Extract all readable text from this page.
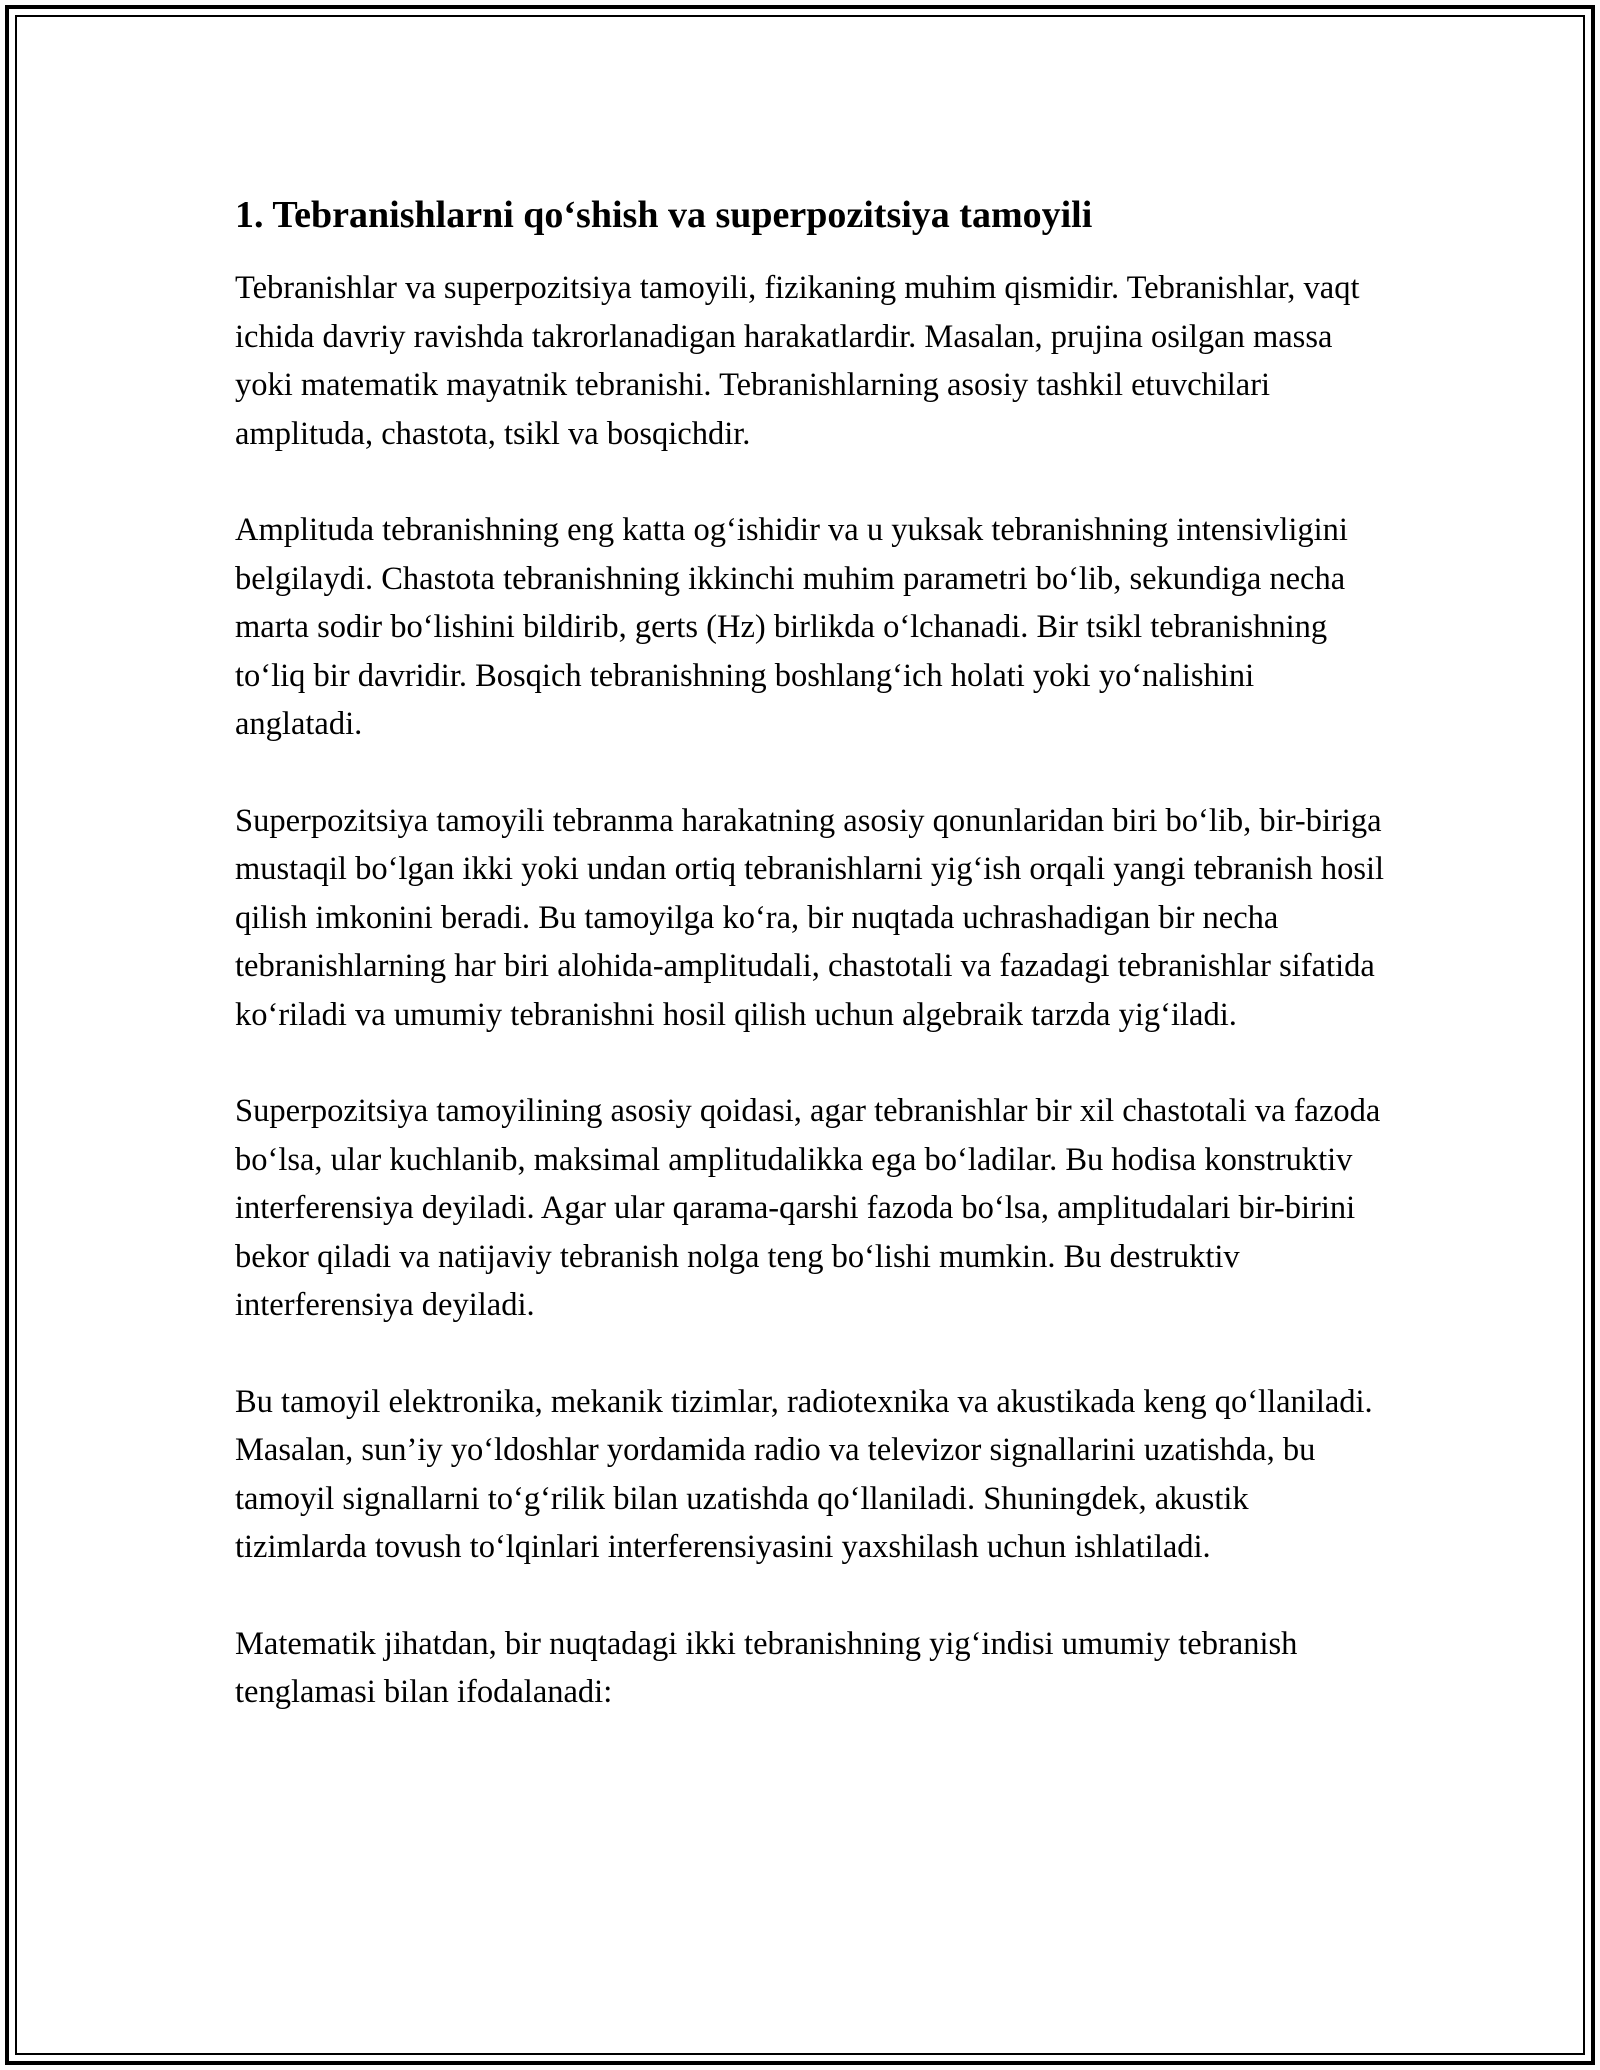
1. Tebranishlarni qo‘shish va superpozitsiya tamoyili

Tebranishlar va superpozitsiya tamoyili, fizikaning muhim qismidir. Tebranishlar, vaqt ichida davriy ravishda takrorlanadigan harakatlardir. Masalan, prujina osilgan massa yoki matematik mayatnik tebranishi. Tebranishlarning asosiy tashkil etuvchilari amplituda, chastota, tsikl va bosqichdir.

Amplituda tebranishning eng katta og‘ishidir va u yuksak tebranishning intensivligini belgilaydi. Chastota tebranishning ikkinchi muhim parametri bo‘lib, sekundiga necha marta sodir bo‘lishini bildirib, gerts (Hz) birlikda o‘lchanadi. Bir tsikl tebranishning to‘liq bir davridir. Bosqich tebranishning boshlang‘ich holati yoki yo‘nalishini anglatadi.

Superpozitsiya tamoyili tebranma harakatning asosiy qonunlaridan biri bo‘lib, bir-biriga mustaqil bo‘lgan ikki yoki undan ortiq tebranishlarni yig‘ish orqali yangi tebranish hosil qilish imkonini beradi. Bu tamoyilga ko‘ra, bir nuqtada uchrashadigan bir necha tebranishlarning har biri alohida-amplitudali, chastotali va fazadagi tebranishlar sifatida ko‘riladi va umumiy tebranishni hosil qilish uchun algebraik tarzda yig‘iladi.

Superpozitsiya tamoyilining asosiy qoidasi, agar tebranishlar bir xil chastotali va fazoda bo‘lsa, ular kuchlanib, maksimal amplitudalikka ega bo‘ladilar. Bu hodisa konstruktiv interferensiya deyiladi. Agar ular qarama-qarshi fazoda bo‘lsa, amplitudalari bir-birini bekor qiladi va natijaviy tebranish nolga teng bo‘lishi mumkin. Bu destruktiv interferensiya deyiladi.

Bu tamoyil elektronika, mekanik tizimlar, radiotexnika va akustikada keng qo‘llaniladi. Masalan, sun’iy yo‘ldoshlar yordamida radio va televizor signallarini uzatishda, bu tamoyil signallarni to‘g‘rilik bilan uzatishda qo‘llaniladi. Shuningdek, akustik tizimlarda tovush to‘lqinlari interferensiyasini yaxshilash uchun ishlatiladi.

Matematik jihatdan, bir nuqtadagi ikki tebranishning yig‘indisi umumiy tebranish tenglamasi bilan ifodalanadi:
